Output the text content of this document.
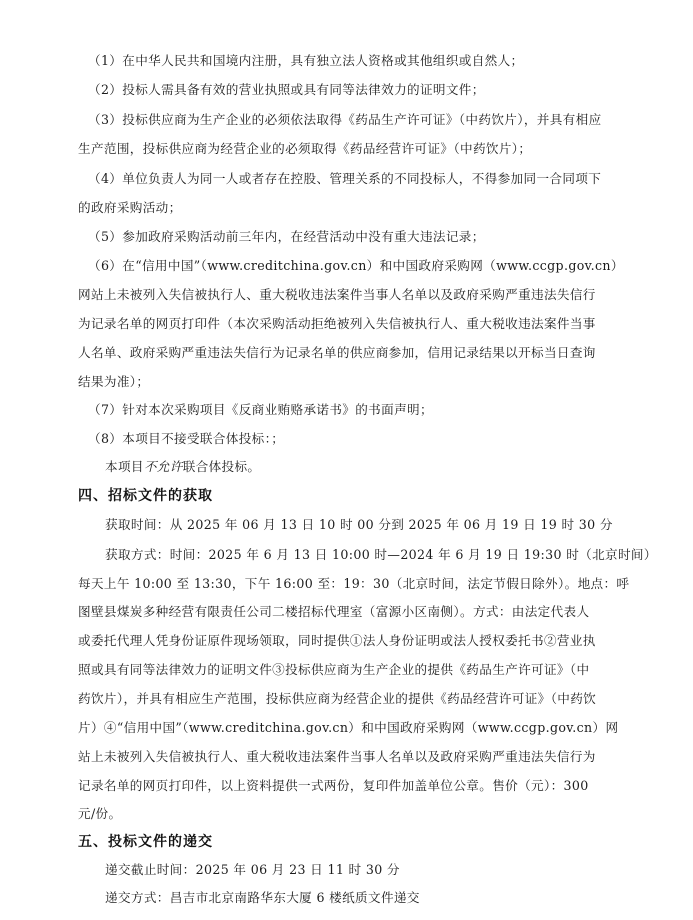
（1）在中华人民共和国境内注册，具有独立法人资格或其他组织或自然人；
（2）投标人需具备有效的营业执照或具有同等法律效力的证明文件；
（3）投标供应商为生产企业的必须依法取得《药品生产许可证》（中药饮片），并具有相应
生产范围，投标供应商为经营企业的必须取得《药品经营许可证》（中药饮片）；
（4）单位负责人为同一人或者存在控股、管理关系的不同投标人，不得参加同一合同项下
的政府采购活动；
（5）参加政府采购活动前三年内，在经营活动中没有重大违法记录；
（6）在“信用中国”（www.creditchina.gov.cn）和中国政府采购网（www.ccgp.gov.cn）
网站上未被列入失信被执行人、重大税收违法案件当事人名单以及政府采购严重违法失信行
为记录名单的网页打印件（本次采购活动拒绝被列入失信被执行人、重大税收违法案件当事
人名单、政府采购严重违法失信行为记录名单的供应商参加，信用记录结果以开标当日查询
结果为准）；
（7）针对本次采购项目《反商业贿赂承诺书》的书面声明；
（8）本项目不接受联合体投标：；
本项目不允许联合体投标。
四、招标文件的获取
获取时间：从 2025 年 06 月 13 日 10 时 00 分到 2025 年 06 月 19 日 19 时 30 分
获取方式：时间：2025 年 6 月 13 日 10:00 时—2024 年 6 月 19 日 19:30 时（北京时间）
每天上午 10:00 至 13:30，下午 16:00 至：19：30（北京时间，法定节假日除外）。地点：呼
图壁县煤炭多种经营有限责任公司二楼招标代理室（富源小区南侧）。方式：由法定代表人
或委托代理人凭身份证原件现场领取，同时提供①法人身份证明或法人授权委托书②营业执
照或具有同等法律效力的证明文件③投标供应商为生产企业的提供《药品生产许可证》（中
药饮片），并具有相应生产范围，投标供应商为经营企业的提供《药品经营许可证》（中药饮
片）④“信用中国”（www.creditchina.gov.cn）和中国政府采购网（www.ccgp.gov.cn）网
站上未被列入失信被执行人、重大税收违法案件当事人名单以及政府采购严重违法失信行为
记录名单的网页打印件，以上资料提供一式两份，复印件加盖单位公章。售价（元）：300
元/份。
五、投标文件的递交
递交截止时间：2025 年 06 月 23 日 11 时 30 分
递交方式：昌吉市北京南路华东大厦 6 楼纸质文件递交
